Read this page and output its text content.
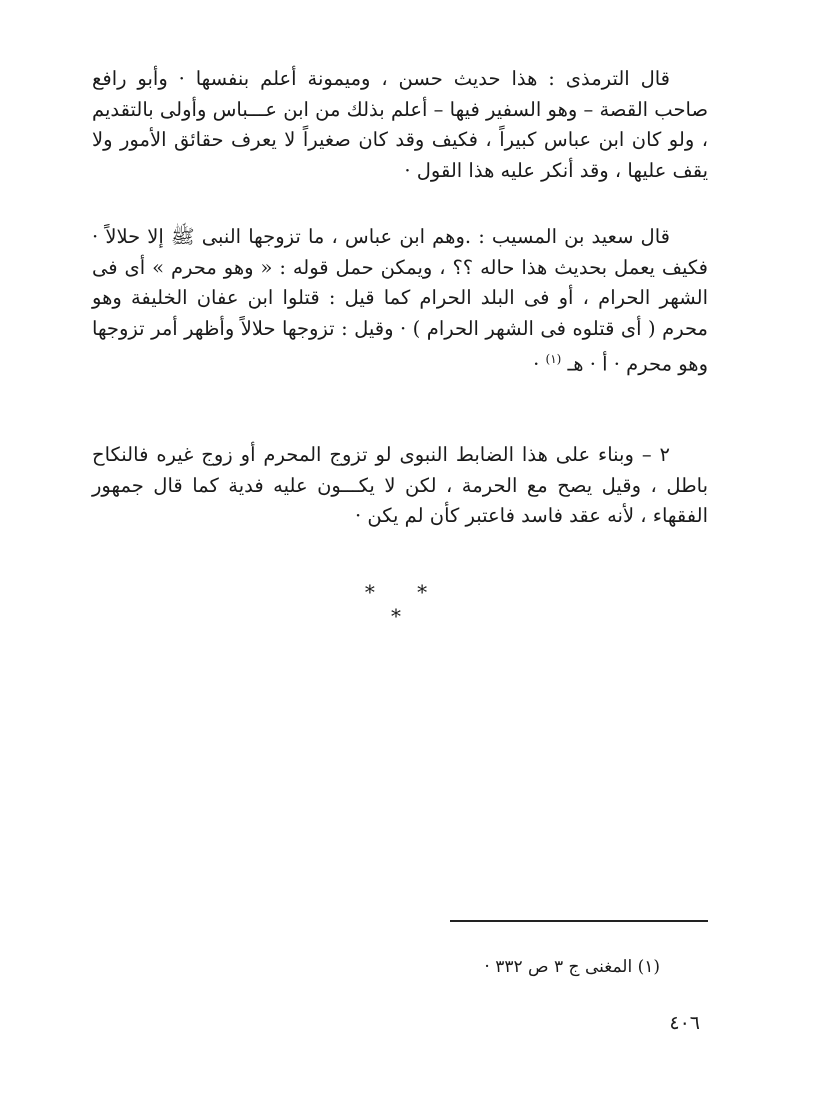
قال الترمذى : هذا حديث حسن ، وميمونة أعلم بنفسها · وأبو رافع صاحب القصة – وهو السفير فيها – أعلم بذلك من ابن عـــباس وأولى بالتقديم ، ولو كان ابن عباس كبيراً ، فكيف وقد كان صغيراً لا يعرف حقائق الأمور ولا يقف عليها ، وقد أنكر عليه هذا القول ·

قال سعيد بن المسيب : .وهم ابن عباس ، ما تزوجها النبى ﷺ إلا حلالاً · فكيف يعمل بحديث هذا حاله ؟؟ ، ويمكن حمل قوله : « وهو محرم » أى فى الشهر الحرام ، أو فى البلد الحرام كما قيل : قتلوا ابن عفان الخليفة وهو محرم ( أى قتلوه فى الشهر الحرام ) · وقيل : تزوجها حلالاً وأظهر أمر تزوجها وهو محرم · أ · هـ $^{(١)}$ ·

٢ – وبناء على هذا الضابط النبوى لو تزوج المحرم أو زوج غيره فالنكاح باطل ، وقيل يصح مع الحرمة ، لكن لا يكـــون عليه فدية كما قال جمهور الفقهاء ، لأنه عقد فاسد فاعتبر كأن لم يكن ·

* * *
(١) المغنى ج ٣ ص ٣٣٢ ·
٤٠٦
